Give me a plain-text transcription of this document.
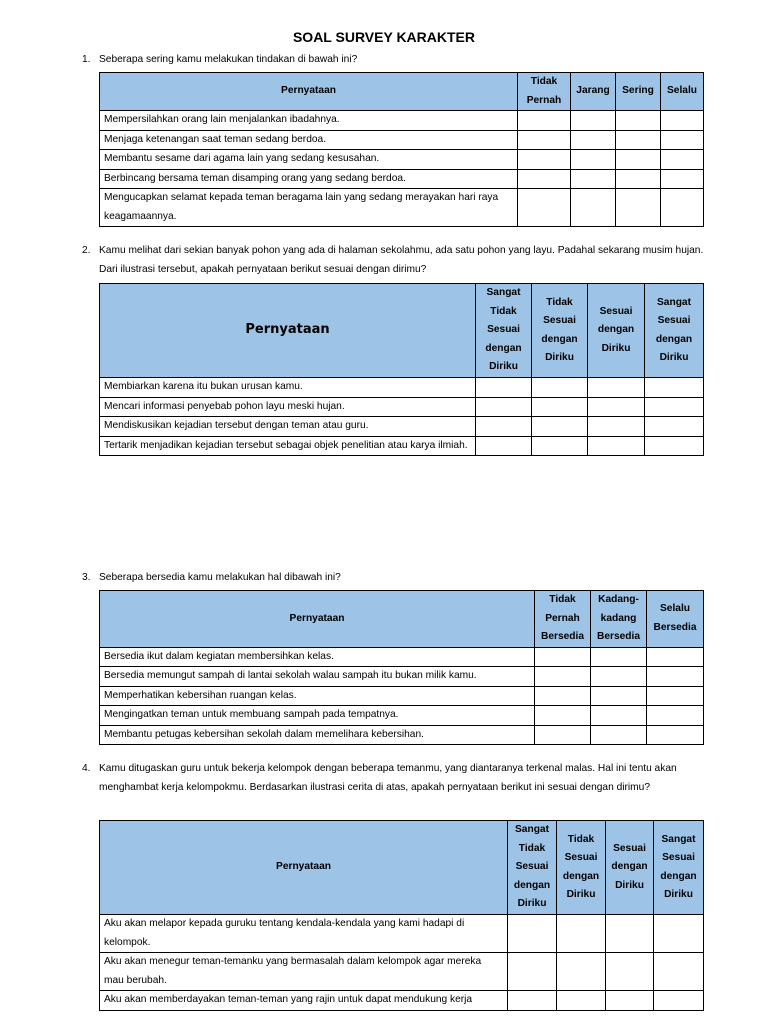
SOAL SURVEY KARAKTER
1. Seberapa sering kamu melakukan tindakan di bawah ini?
Pernyataan	Tidak Pernah	Jarang	Sering	Selalu
Mempersilahkan orang lain menjalankan ibadahnya.				
Menjaga ketenangan saat teman sedang berdoa.				
Membantu sesame dari agama lain yang sedang kesusahan.				
Berbincang bersama teman disamping orang yang sedang berdoa.				
Mengucapkan selamat kepada teman beragama lain yang sedang merayakan hari raya keagamaannya.				
2. Kamu melihat dari sekian banyak pohon yang ada di halaman sekolahmu, ada satu pohon yang layu. Padahal sekarang musim hujan. Dari ilustrasi tersebut, apakah pernyataan berikut sesuai dengan dirimu?
Pernyataan	Sangat Tidak Sesuai dengan Diriku	Tidak Sesuai dengan Diriku	Sesuai dengan Diriku	Sangat Sesuai dengan Diriku
Membiarkan karena itu bukan urusan kamu.				
Mencari informasi penyebab pohon layu meski hujan.				
Mendiskusikan kejadian tersebut dengan teman atau guru.				
Tertarik menjadikan kejadian tersebut sebagai objek penelitian atau karya ilmiah.				
3. Seberapa bersedia kamu melakukan hal dibawah ini?
Pernyataan	Tidak Pernah Bersedia	Kadang-kadang Bersedia	Selalu Bersedia
Bersedia ikut dalam kegiatan membersihkan kelas.			
Bersedia memungut sampah di lantai sekolah walau sampah itu bukan milik kamu.			
Memperhatikan kebersihan ruangan kelas.			
Mengingatkan teman untuk membuang sampah pada tempatnya.			
Membantu petugas kebersihan sekolah dalam memelihara kebersihan.			
4. Kamu ditugaskan guru untuk bekerja kelompok dengan beberapa temanmu, yang diantaranya terkenal malas. Hal ini tentu akan menghambat kerja kelompokmu. Berdasarkan ilustrasi cerita di atas, apakah pernyataan berikut ini sesuai dengan dirimu?
Pernyataan	Sangat Tidak Sesuai dengan Diriku	Tidak Sesuai dengan Diriku	Sesuai dengan Diriku	Sangat Sesuai dengan Diriku
Aku akan melapor kepada guruku tentang kendala-kendala yang kami hadapi di kelompok.				
Aku akan menegur teman-temanku yang bermasalah dalam kelompok agar mereka mau berubah.				
Aku akan memberdayakan teman-teman yang rajin untuk dapat mendukung kerja				
